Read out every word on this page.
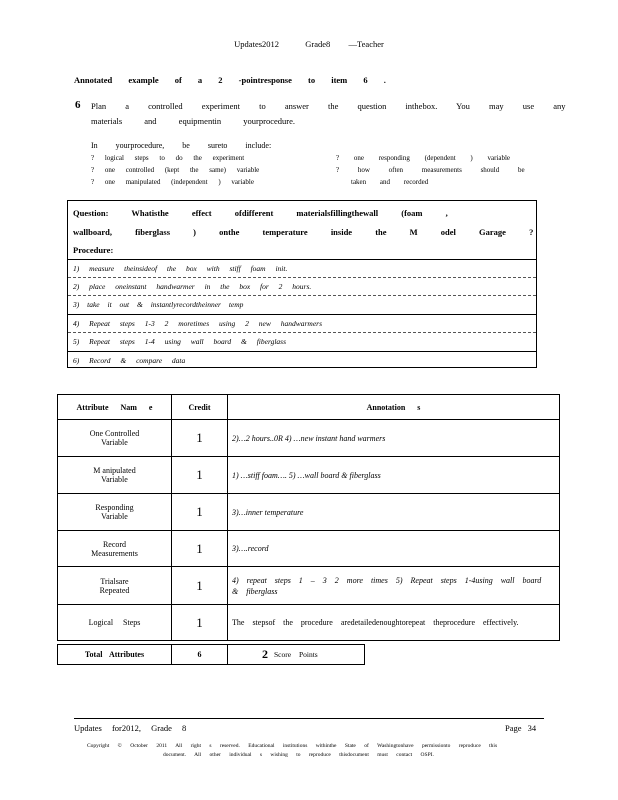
Updates2012	Grade8 —Teacher
Annotated example of a 2 -pointresponse to item 6 .
6 Plan a controlled experiment to answer the question inthebox. You may use any
materials and equipmentin yourprocedure.
In yourprocedure, be sureto include:
? logical steps to do the experiment
? one controlled (kept the same) variable
? one manipulated (independent ) variable
? one responding (dependent ) variable
? how often measurements should be
taken and recorded
Question: Whatisthe effect ofdifferent materialsfillingthewall (foam ,
wallboard, fiberglass ) onthe temperature inside the M odel Garage ?
Procedure:
1) measure theinsideof the box with stiff foam init.
2) place oneinstant handwarmer in the box for 2 hours.
3) take it out & instantlyrecordtheinner temp
4) Repeat steps 1-3 2 moretimes using 2 new handwarmers
5) Repeat steps 1-4 using wall board & fiberglass
6) Record & compare data
Attribute Nam e	Credit	Annotation s
One Controlled
Variable	1	2)…2 hours..0R 4) …new instant hand warmers
M anipulated
Variable	1	1) …stiff foam…. 5) …wall board & fiberglass
Responding
Variable	1	3)…inner temperature
Record
Measurements	1	3)….record
Trialsare
Repeated	1	4) repeat steps 1 – 3 2 more times 5) Repeat steps 1-4using wall board & fiberglass
Logical Steps	1	The stepsof the procedure aredetailedenoughtorepeat theprocedure effectively.
Total Attributes	6	2 Score Points
Updates for2012, Grade 8	Page 34
Copyright © October 2011 All right s reserved. Educational institutions withinthe State of Washingtonhave permissionto reproduce this
document. All other individual s wishing to reproduce thisdocument must contact OSPI.
